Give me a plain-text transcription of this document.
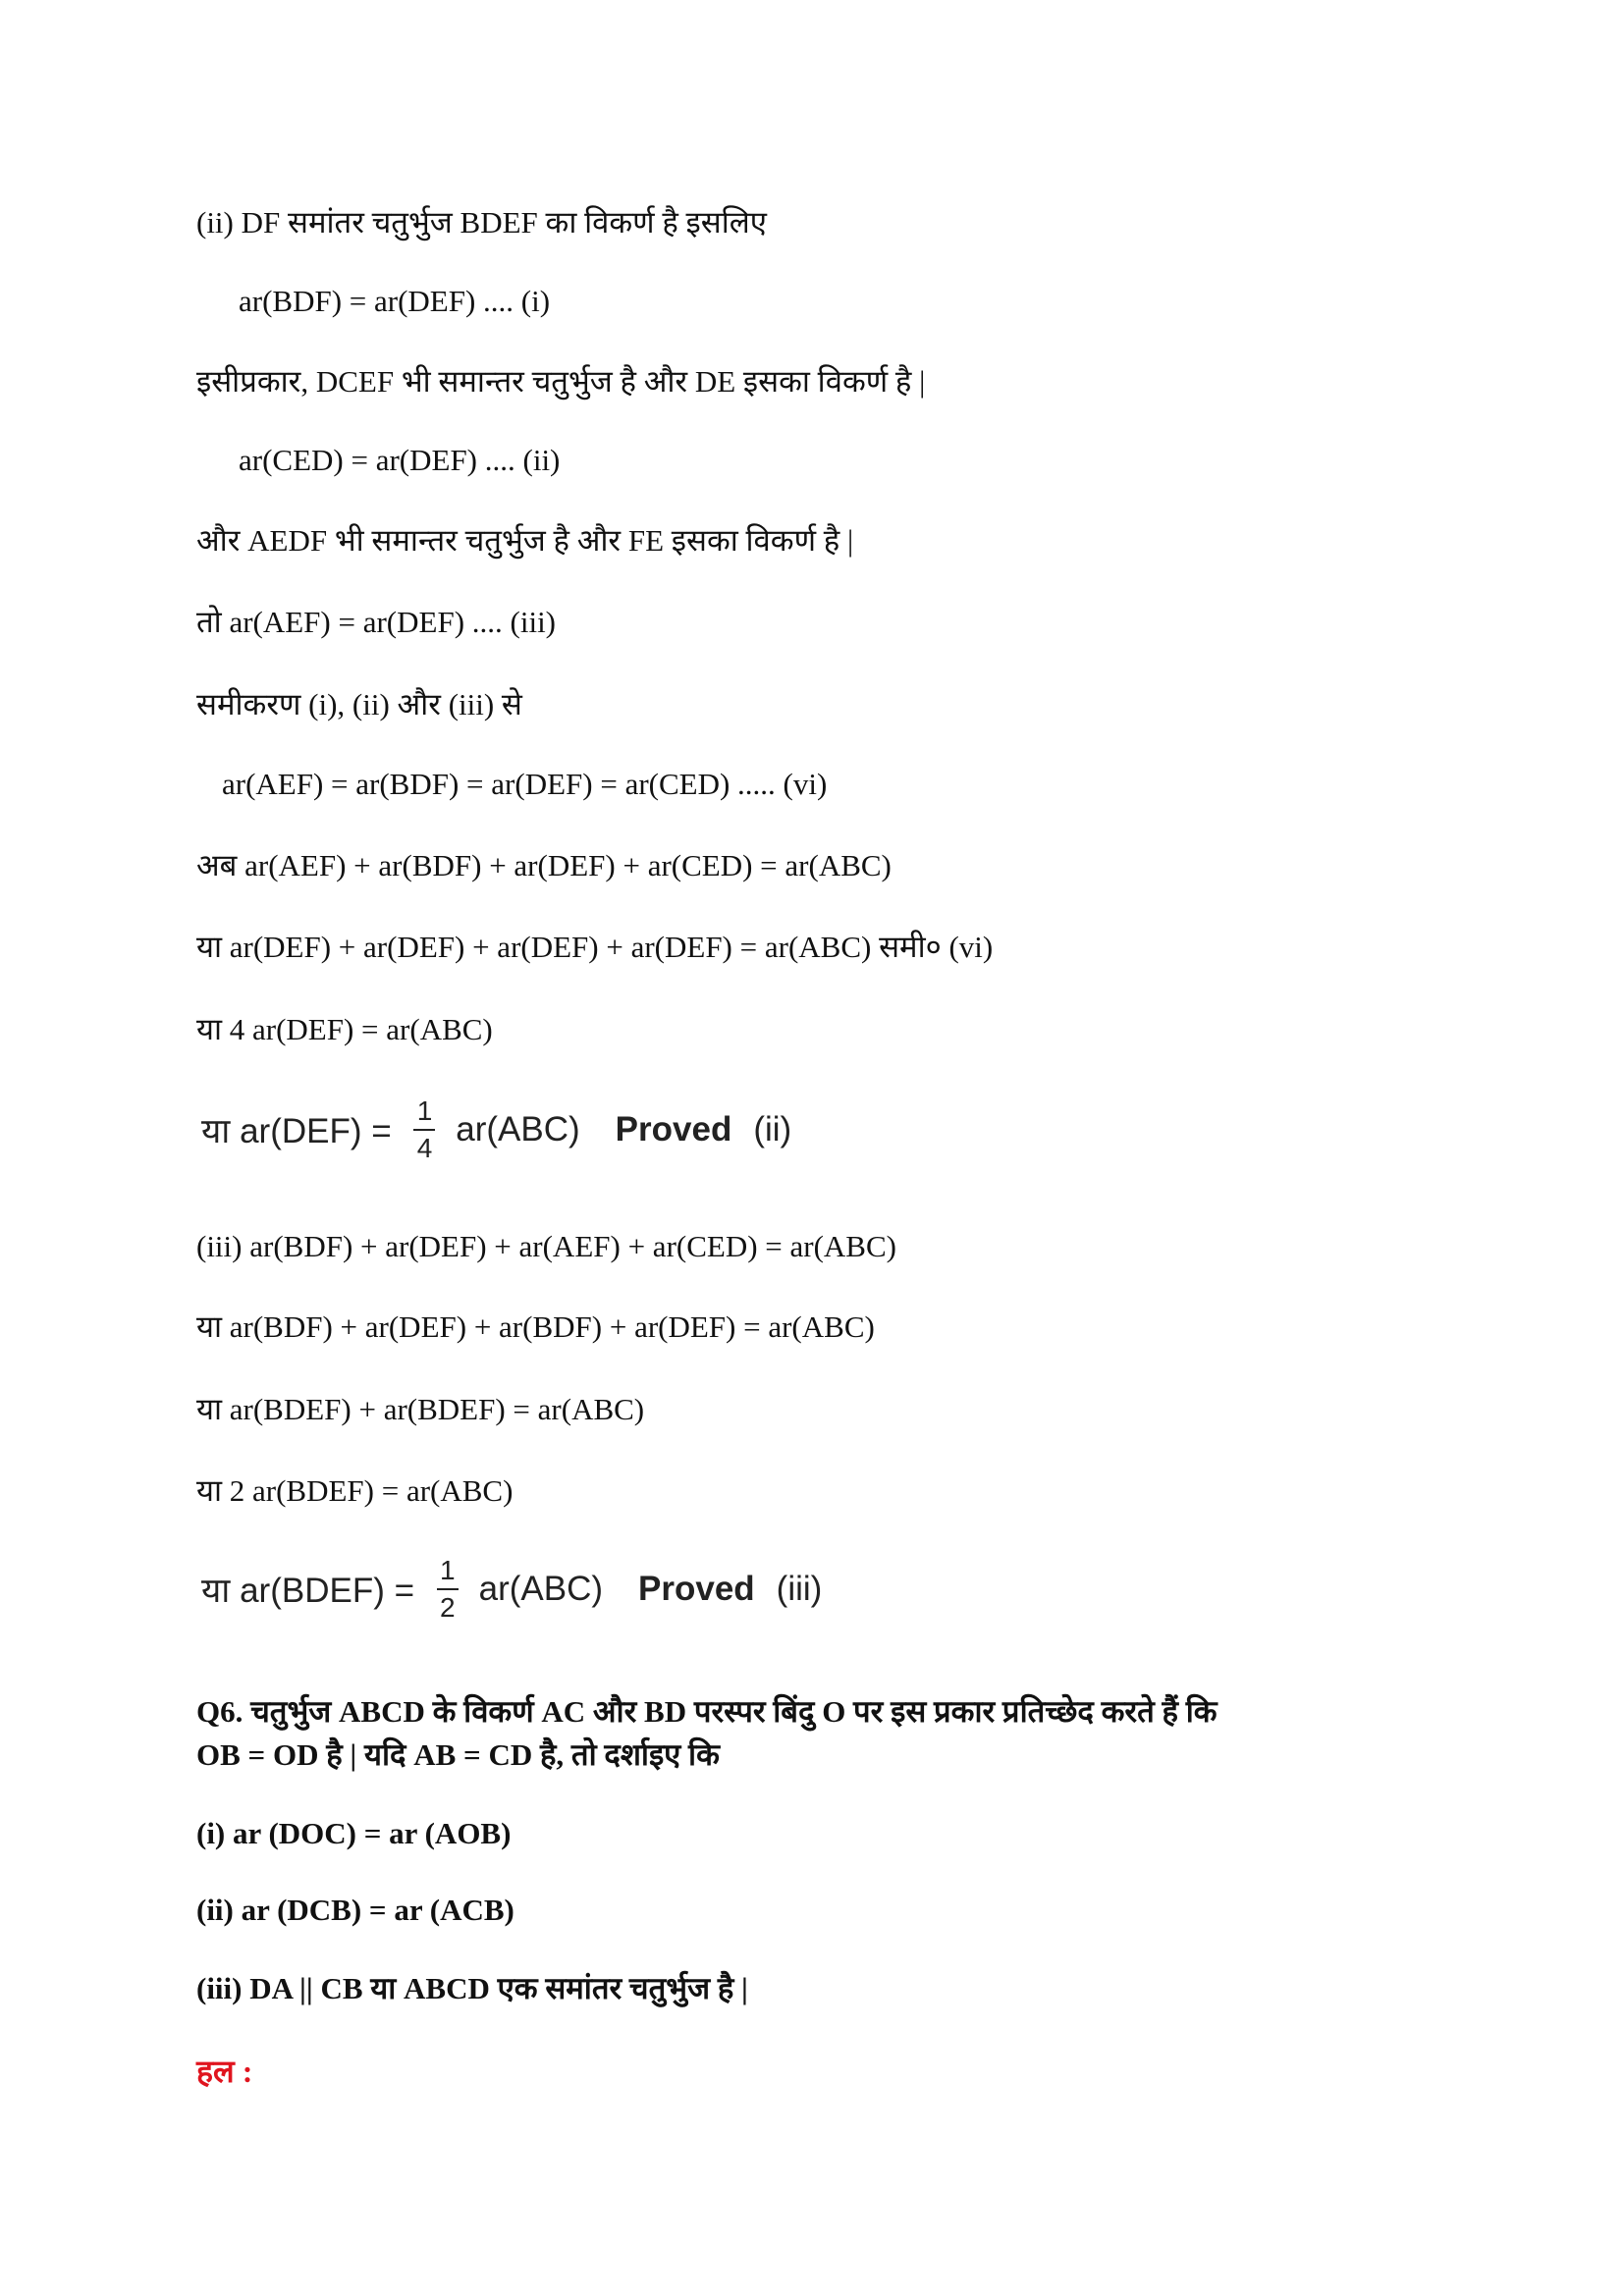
(ii) DF समांतर चतुर्भुज BDEF का विकर्ण है इसलिए
ar(BDF) = ar(DEF) .... (i)
इसीप्रकार, DCEF भी समान्तर चतुर्भुज है और DE इसका विकर्ण है |
ar(CED) = ar(DEF) .... (ii)
और AEDF भी समान्तर चतुर्भुज है और FE इसका विकर्ण है |
तो ar(AEF) = ar(DEF) .... (iii)
समीकरण (i), (ii) और (iii) से
ar(AEF) = ar(BDF) = ar(DEF) = ar(CED) ..... (vi)
अब ar(AEF) + ar(BDF) + ar(DEF) + ar(CED) = ar(ABC)
या ar(DEF) + ar(DEF) + ar(DEF) + ar(DEF) = ar(ABC) समी० (vi)
या 4 ar(DEF) = ar(ABC)
या $ar(DEF) = \frac{1}{4} ar(ABC)$ Proved (ii)
(iii) ar(BDF) + ar(DEF) + ar(AEF) + ar(CED) = ar(ABC)
या ar(BDF) + ar(DEF) + ar(BDF) + ar(DEF) = ar(ABC)
या ar(BDEF) + ar(BDEF) = ar(ABC)
या 2 ar(BDEF) = ar(ABC)
या ar(BDEF) = $\frac{1}{2} ar(ABC)$ Proved (iii)
Q6. चतुर्भुज ABCD के विकर्ण AC और BD परस्पर बिंदु O पर इस प्रकार प्रतिच्छेद करते हैं कि
OB = OD है | यदि AB = CD है, तो दर्शाइए कि
(i) ar (DOC) = ar (AOB)
(ii) ar (DCB) = ar (ACB)
(iii) DA || CB या ABCD एक समांतर चतुर्भुज है |
हल :
